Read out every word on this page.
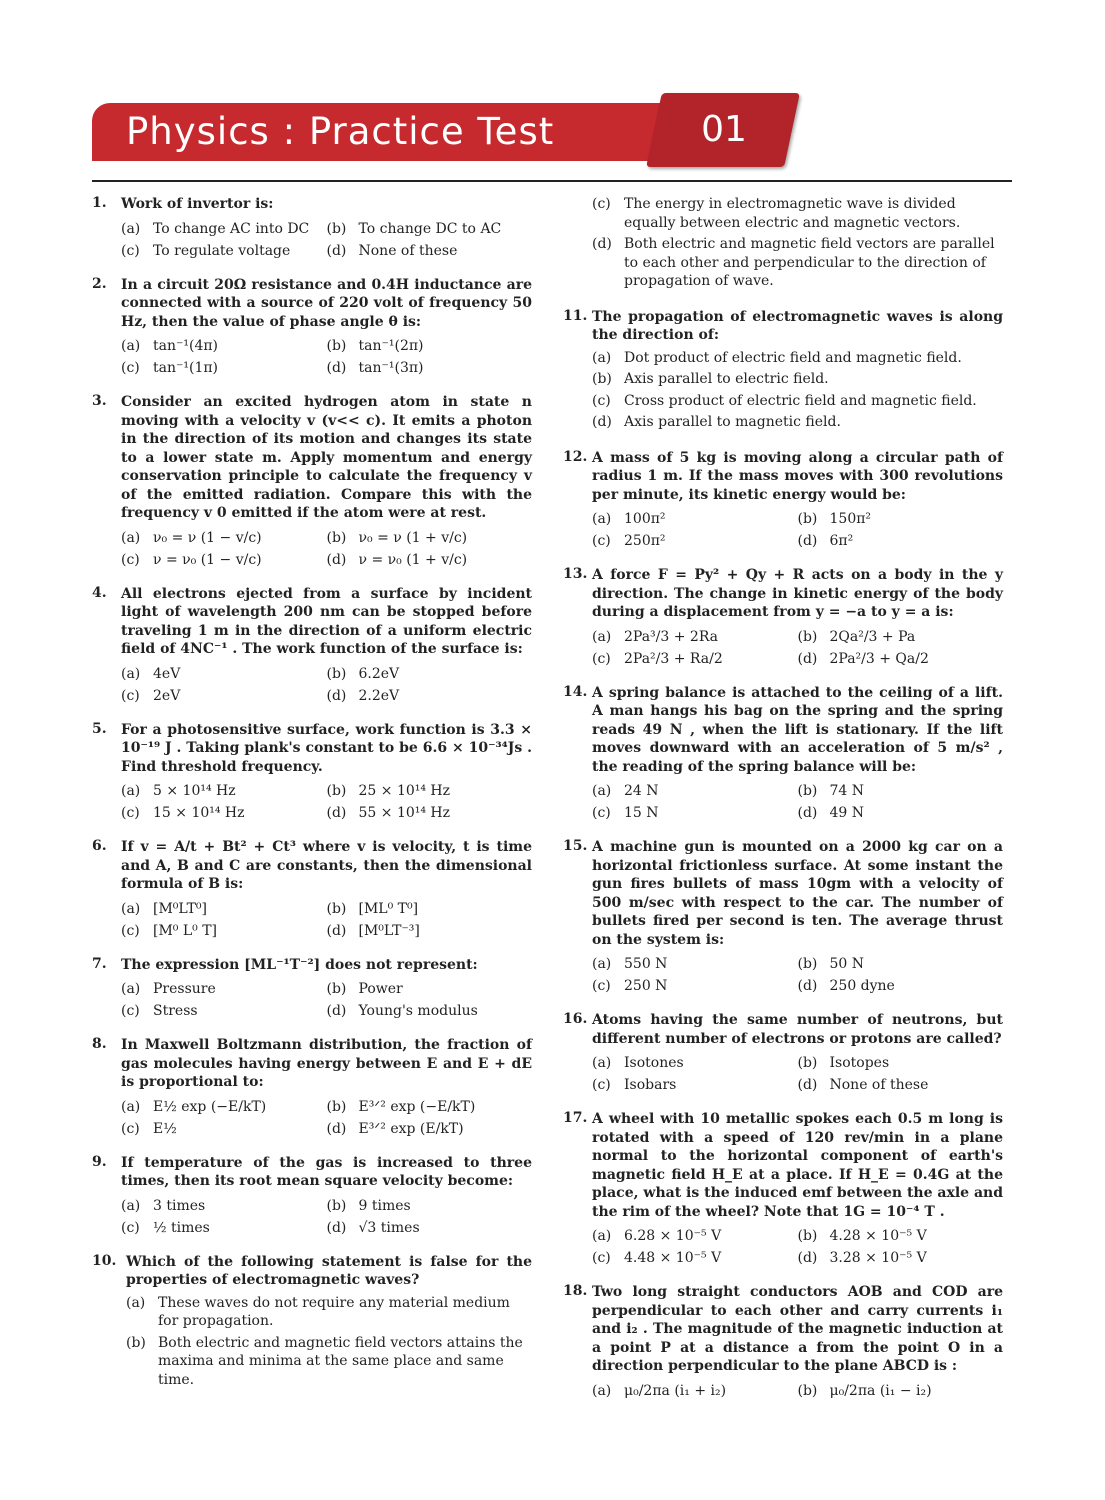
Physics : Practice Test	01
1.	Work of invertor is:
(a) To change AC into DC	(b) To change DC to AC
(c) To regulate voltage	(d) None of these
2.	In a circuit 20Ω resistance and 0.4H inductance are connected with a source of 220 volt of frequency 50 Hz, then the value of phase angle θ is:
(a) tan⁻¹(4π)	(b) tan⁻¹(2π)
(c) tan⁻¹(1π)	(d) tan⁻¹(3π)
3.	Consider an excited hydrogen atom in state n moving with a velocity v (v<< c). It emits a photon in the direction of its motion and changes its state to a lower state m. Apply momentum and energy conservation principle to calculate the frequency v of the emitted radiation. Compare this with the frequency v 0 emitted if the atom were at rest.
(a) ν₀ = ν (1 − v/c)	(b) ν₀ = ν (1 + v/c)
(c) ν = ν₀ (1 − v/c)	(d) ν = ν₀ (1 + v/c)
4.	All electrons ejected from a surface by incident light of wavelength 200 nm can be stopped before traveling 1 m in the direction of a uniform electric field of 4NC⁻¹ . The work function of the surface is:
(a) 4eV	(b) 6.2eV
(c) 2eV	(d) 2.2eV
5.	For a photosensitive surface, work function is 3.3 × 10⁻¹⁹ J . Taking plank's constant to be 6.6 × 10⁻³⁴Js . Find threshold frequency.
(a) 5 × 10¹⁴ Hz	(b) 25 × 10¹⁴ Hz
(c) 15 × 10¹⁴ Hz	(d) 55 × 10¹⁴ Hz
6.	If v = A/t + Bt² + Ct³ where v is velocity, t is time and A, B and C are constants, then the dimensional formula of B is:
(a) [M⁰LT⁰]	(b) [ML⁰ T⁰]
(c) [M⁰ L⁰ T]	(d) [M⁰LT⁻³]
7.	The expression [ML⁻¹T⁻²] does not represent:
(a) Pressure	(b) Power
(c) Stress	(d) Young's modulus
8.	In Maxwell Boltzmann distribution, the fraction of gas molecules having energy between E and E + dE is proportional to:
(a) E½ exp (−E/kT)	(b) E³ᐟ² exp (−E/kT)
(c) E½	(d) E³ᐟ² exp (E/kT)
9.	If temperature of the gas is increased to three times, then its root mean square velocity become:
(a) 3 times	(b) 9 times
(c) ½ times	(d) √3 times
10. Which of the following statement is false for the properties of electromagnetic waves?
(a) These waves do not require any material medium for propagation.
(b) Both electric and magnetic field vectors attains the maxima and minima at the same place and same time.
(c) The energy in electromagnetic wave is divided equally between electric and magnetic vectors.
(d) Both electric and magnetic field vectors are parallel to each other and perpendicular to the direction of propagation of wave.
11. The propagation of electromagnetic waves is along the direction of:
(a) Dot product of electric field and magnetic field.
(b) Axis parallel to electric field.
(c) Cross product of electric field and magnetic field.
(d) Axis parallel to magnetic field.
12. A mass of 5 kg is moving along a circular path of radius 1 m. If the mass moves with 300 revolutions per minute, its kinetic energy would be:
(a) 100π²	(b) 150π²
(c) 250π²	(d) 6π²
13. A force F = Py² + Qy + R acts on a body in the y direction. The change in kinetic energy of the body during a displacement from y = −a to y = a is:
(a) 2Pa³/3 + 2Ra	(b) 2Qa²/3 + Pa
(c) 2Pa²/3 + Ra/2	(d) 2Pa²/3 + Qa/2
14. A spring balance is attached to the ceiling of a lift. A man hangs his bag on the spring and the spring reads 49 N , when the lift is stationary. If the lift moves downward with an acceleration of 5 m/s² , the reading of the spring balance will be:
(a) 24 N	(b) 74 N
(c) 15 N	(d) 49 N
15. A machine gun is mounted on a 2000 kg car on a horizontal frictionless surface. At some instant the gun fires bullets of mass 10gm with a velocity of 500 m/sec with respect to the car. The number of bullets fired per second is ten. The average thrust on the system is:
(a) 550 N	(b) 50 N
(c) 250 N	(d) 250 dyne
16. Atoms having the same number of neutrons, but different number of electrons or protons are called?
(a) Isotones	(b) Isotopes
(c) Isobars	(d) None of these
17. A wheel with 10 metallic spokes each 0.5 m long is rotated with a speed of 120 rev/min in a plane normal to the horizontal component of earth's magnetic field H_E at a place. If H_E = 0.4G at the place, what is the induced emf between the axle and the rim of the wheel? Note that 1G = 10⁻⁴ T .
(a) 6.28 × 10⁻⁵ V	(b) 4.28 × 10⁻⁵ V
(c) 4.48 × 10⁻⁵ V	(d) 3.28 × 10⁻⁵ V
18. Two long straight conductors AOB and COD are perpendicular to each other and carry currents i₁ and i₂ . The magnitude of the magnetic induction at a point P at a distance a from the point O in a direction perpendicular to the plane ABCD is :
(a) μ₀/2πa (i₁ + i₂)	(b) μ₀/2πa (i₁ − i₂)
